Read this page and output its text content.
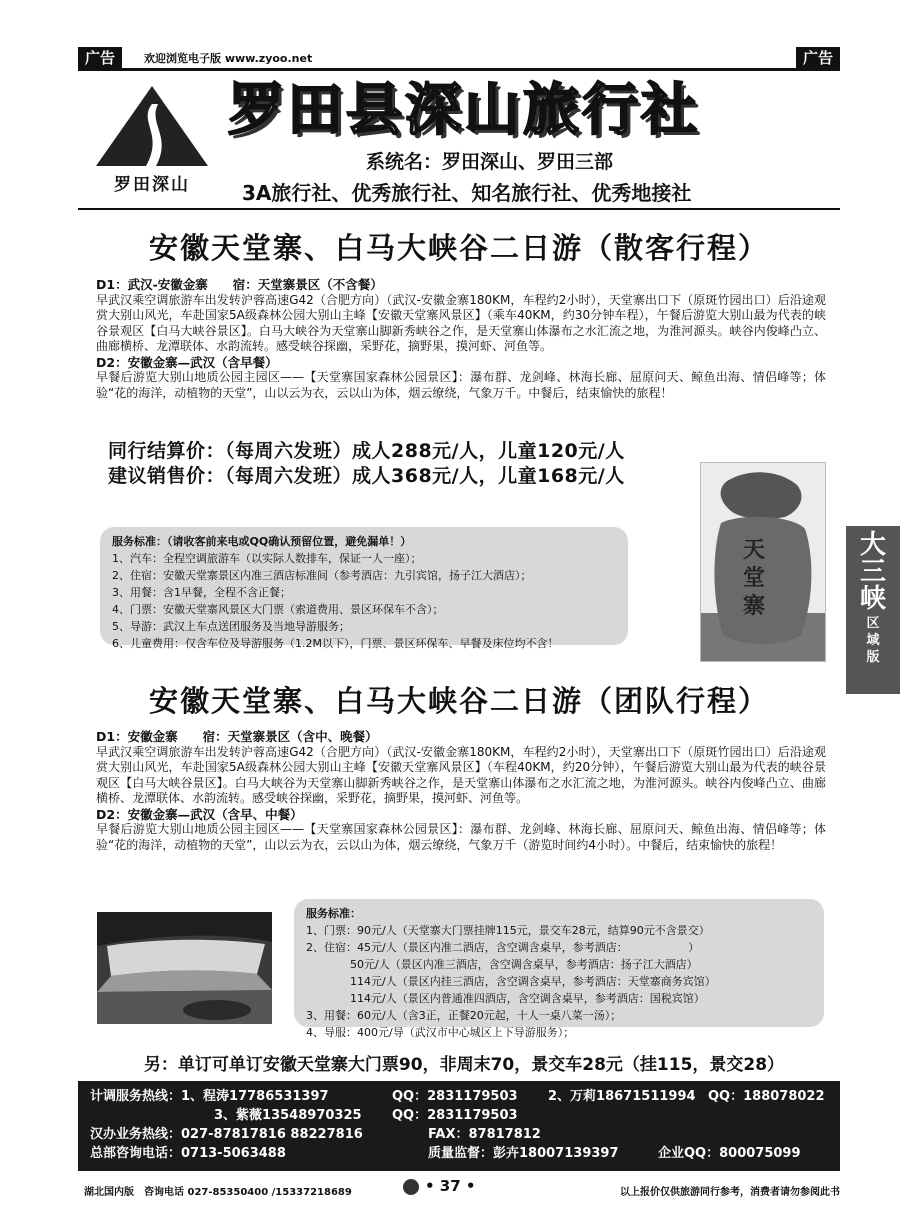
广告	欢迎浏览电子版 www.zyoo.net	广告
罗田深山
罗田县深山旅行社
系统名：罗田深山、罗田三部
3A旅行社、优秀旅行社、知名旅行社、优秀地接社
安徽天堂寨、白马大峡谷二日游（散客行程）
D1：武汉-安徽金寨　　宿：天堂寨景区（不含餐）
早武汉乘空调旅游车出发转沪蓉高速G42（合肥方向）（武汉-安徽金寨180KM，车程约2小时），天堂寨出口下（原斑竹园出口）后沿途观赏大别山风光，车赴国家5A级森林公园大别山主峰【安徽天堂寨风景区】（乘车40KM，约30分钟车程），午餐后游览大别山最为代表的峡谷景观区【白马大峡谷景区】。白马大峡谷为天堂寨山脚新秀峡谷之作，是天堂寨山体瀑布之水汇流之地，为淮河源头。峡谷内俊峰凸立、曲廊横桥、龙潭联体、水韵流转。感受峡谷探幽，采野花，摘野果，摸河虾、河鱼等。
D2：安徽金寨—武汉（含早餐）
早餐后游览大别山地质公园主园区——【天堂寨国家森林公园景区】：瀑布群、龙剑峰、林海长廊、屈原问天、鲸鱼出海、情侣峰等；体验“花的海洋，动植物的天堂”，山以云为衣，云以山为体，烟云缭绕，气象万千。中餐后，结束愉快的旅程！
同行结算价：（每周六发班）成人288元/人，儿童120元/人
建议销售价：（每周六发班）成人368元/人，儿童168元/人
服务标准：（请收客前来电或QQ确认预留位置，避免漏单！）
1、汽车：全程空调旅游车（以实际人数排车，保证一人一座）；
2、住宿：安徽天堂寨景区内准三酒店标准间（参考酒店：九引宾馆，扬子江大酒店）；
3、用餐：含1早餐，全程不含正餐；
4、门票：安徽天堂寨风景区大门票（索道费用、景区环保车不含）；
5、导游：武汉上车点送团服务及当地导游服务；
6、儿童费用：仅含车位及导游服务（1.2M以下），门票、景区环保车、早餐及床位均不含！
天
堂
寨
大三峡
区域版
安徽天堂寨、白马大峡谷二日游（团队行程）
D1：安徽金寨　　宿：天堂寨景区（含中、晚餐）
早武汉乘空调旅游车出发转沪蓉高速G42（合肥方向）（武汉-安徽金寨180KM，车程约2小时），天堂寨出口下（原斑竹园出口）后沿途观赏大别山风光，车赴国家5A级森林公园大别山主峰【安徽天堂寨风景区】（车程40KM，约20分钟），午餐后游览大别山最为代表的峡谷景观区【白马大峡谷景区】。白马大峡谷为天堂寨山脚新秀峡谷之作，是天堂寨山体瀑布之水汇流之地，为淮河源头。峡谷内俊峰凸立、曲廊横桥、龙潭联体、水韵流转。感受峡谷探幽，采野花，摘野果，摸河虾、河鱼等。
D2：安徽金寨—武汉（含早、中餐）
早餐后游览大别山地质公园主园区——【天堂寨国家森林公园景区】：瀑布群、龙剑峰、林海长廊、屈原问天、鲸鱼出海、情侣峰等；体验“花的海洋，动植物的天堂”，山以云为衣，云以山为体，烟云缭绕，气象万千（游览时间约4小时）。中餐后，结束愉快的旅程！
服务标准：
1、门票：90元/人（天堂寨大门票挂牌115元，景交车28元，结算90元不含景交）
2、住宿：45元/人（景区内准二酒店，含空调含桌早，参考酒店：　　　　　　）
　　　　50元/人（景区内准三酒店，含空调含桌早，参考酒店：扬子江大酒店）
　　　　114元/人（景区内挂三酒店，含空调含桌早，参考酒店：天堂寨商务宾馆）
　　　　114元/人（景区内普通准四酒店，含空调含桌早，参考酒店：国税宾馆）
3、用餐：60元/人（含3正，正餐20元起，十人一桌八菜一汤）；
4、导服：400元/导（武汉市中心城区上下导游服务）；
另：单订可单订安徽天堂寨大门票90，非周末70，景交车28元（挂115，景交28）
计调服务热线：1、程涛17786531397	QQ：2831179503 2、万莉18671511994 QQ：188078022
3、紫薇13548970325 QQ：2831179503
汉办业务热线：027-87817816 88227816	FAX：87817812
总部咨询电话：0713-5063488	质量监督：彭卉18007139397	企业QQ：800075099
湖北国内版　咨询电话 027-85350400 /15337218689	• 37 •	以上报价仅供旅游同行参考，消费者请勿参阅此书
